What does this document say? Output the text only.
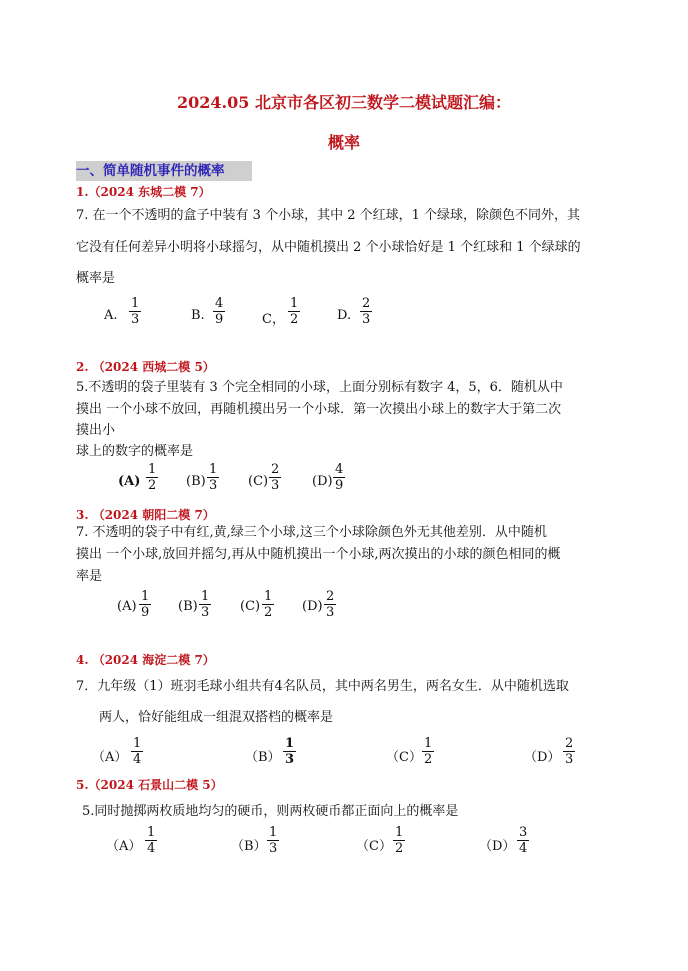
2024.05 北京市各区初三数学二模试题汇编：
概率
一、简单随机事件的概率
1.（2024 东城二模 7）
7. 在一个不透明的盒子中装有 3 个小球，其中 2 个红球，1 个绿球，除颜色不同外，其
它没有任何差异小明将小球摇匀，从中随机摸出 2 个小球恰好是 1 个红球和 1 个绿球的
概率是
A. $\frac{1}{3}$	B. $\frac{4}{9}$	C， $\frac{1}{2}$	D. $\frac{2}{3}$
2. （2024 西城二模 5）
5.不透明的袋子里装有 3 个完全相同的小球，上面分别标有数字 4，5，6．随机从中
摸出 一个小球不放回，再随机摸出另一个小球．第一次摸出小球上的数字大于第二次
摸出小
球上的数字的概率是
$(A) \frac{1}{2} (B) \frac{1}{3} (C) \frac{2}{3} (D) \frac{4}{9}$
3. （2024 朝阳二模 7）
7. 不透明的袋子中有红,黄,绿三个小球,这三个小球除颜色外无其他差别．从中随机
摸出 一个小球,放回并摇匀,再从中随机摸出一个小球,两次摸出的小球的颜色相同的概
率是
$(A) \frac{1}{9} (B) \frac{1}{3} (C) \frac{1}{2} (D) \frac{2}{3}$
4. （2024 海淀二模 7）
7．九年级（1）班羽毛球小组共有4名队员，其中两名男生，两名女生．从中随机选取
两人，恰好能组成一组混双搭档的概率是
$(A) \frac{1}{4}$	$(B) \frac{1}{3}$	$(C) \frac{1}{2}$	$(D) \frac{2}{3}$
5.（2024 石景山二模 5）
5.同时抛掷两枚质地均匀的硬币，则两枚硬币都正面向上的概率是
$(A) \frac{1}{4}$	$(B) \frac{1}{3}$	$(C) \frac{1}{2}$	$(D) \frac{3}{4}$
